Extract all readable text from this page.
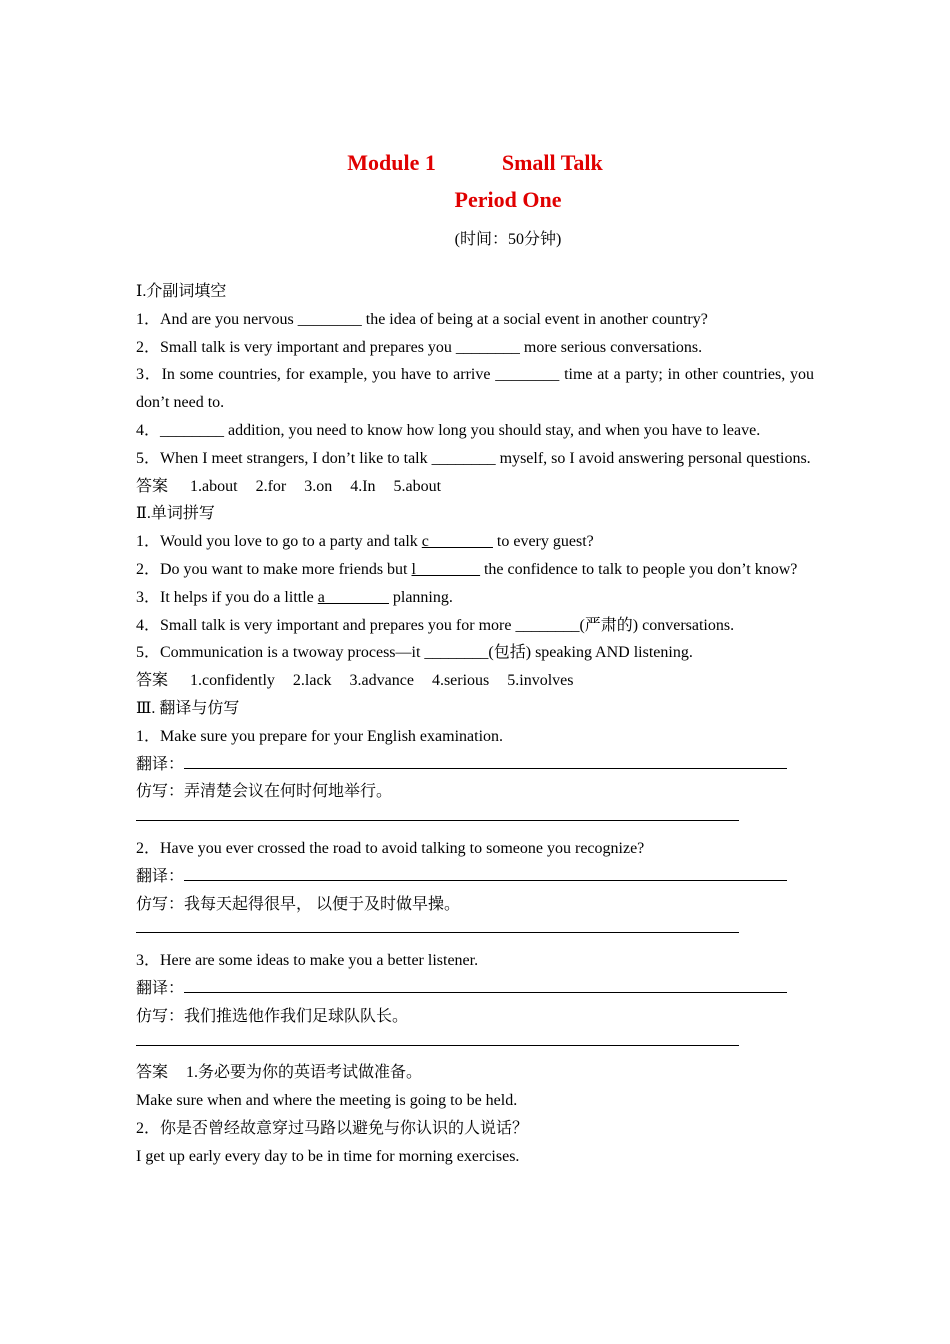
Module 1	Small Talk
Period One
(时间：50分钟)

Ⅰ.介副词填空

1．And are you nervous ________ the idea of being at a social event in another country?

2．Small talk is very important and prepares you ________ more serious conversations.

3．In some countries, for example, you have to arrive ________ time at a party; in other countries, you don’t need to.

4．________ addition, you need to know how long you should stay, and when you have to leave.

5．When I meet strangers, I don’t like to talk ________ myself, so I avoid answering personal questions.

答案 1.about 2.for 3.on 4.In 5.about

Ⅱ.单词拼写

1．Would you love to go to a party and talk c________ to every guest?

2．Do you want to make more friends but l________ the confidence to talk to people you don’t know?

3．It helps if you do a little a________ planning.

4．Small talk is very important and prepares you for more ________(严肃的) conversations.

5．Communication is a twoway process—it ________(包括) speaking AND listening.

答案 1.confidently 2.lack 3.advance 4.serious 5.involves

Ⅲ. 翻译与仿写

1．Make sure you prepare for your English examination.

翻译：

仿写：弄清楚会议在何时何地举行。

2．Have you ever crossed the road to avoid talking to someone you recognize?

翻译：

仿写：我每天起得很早， 以便于及时做早操。

3．Here are some ideas to make you a better listener.

翻译：

仿写：我们推选他作我们足球队队长。

答案 1.务必要为你的英语考试做准备。

Make sure when and where the meeting is going to be held.

2．你是否曾经故意穿过马路以避免与你认识的人说话？

I get up early every day to be in time for morning exercises.
